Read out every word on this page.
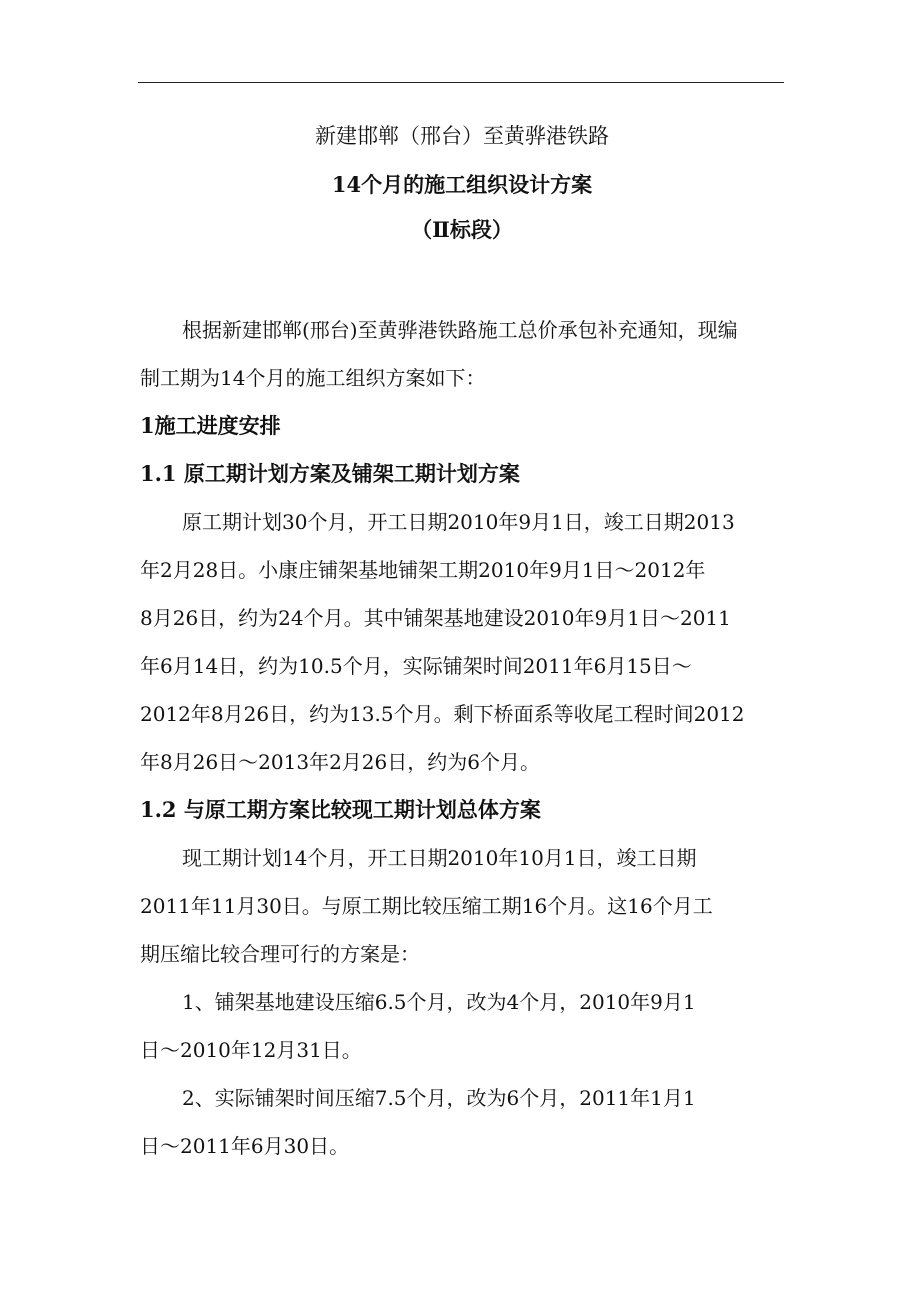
新建邯郸（邢台）至黄骅港铁路
14个月的施工组织设计方案
（Ⅱ标段）
根据新建邯郸(邢台)至黄骅港铁路施工总价承包补充通知，现编
制工期为14个月的施工组织方案如下：
1施工进度安排
1.1 原工期计划方案及铺架工期计划方案
原工期计划30个月，开工日期2010年9月1日，竣工日期2013
年2月28日。小康庄铺架基地铺架工期2010年9月1日～2012年
8月26日，约为24个月。其中铺架基地建设2010年9月1日～2011
年6月14日，约为10.5个月，实际铺架时间2011年6月15日～
2012年8月26日，约为13.5个月。剩下桥面系等收尾工程时间2012
年8月26日～2013年2月26日，约为6个月。
1.2 与原工期方案比较现工期计划总体方案
现工期计划14个月，开工日期2010年10月1日，竣工日期
2011年11月30日。与原工期比较压缩工期16个月。这16个月工
期压缩比较合理可行的方案是：
1、铺架基地建设压缩6.5个月，改为4个月，2010年9月1
日～2010年12月31日。
2、实际铺架时间压缩7.5个月，改为6个月，2011年1月1
日～2011年6月30日。
